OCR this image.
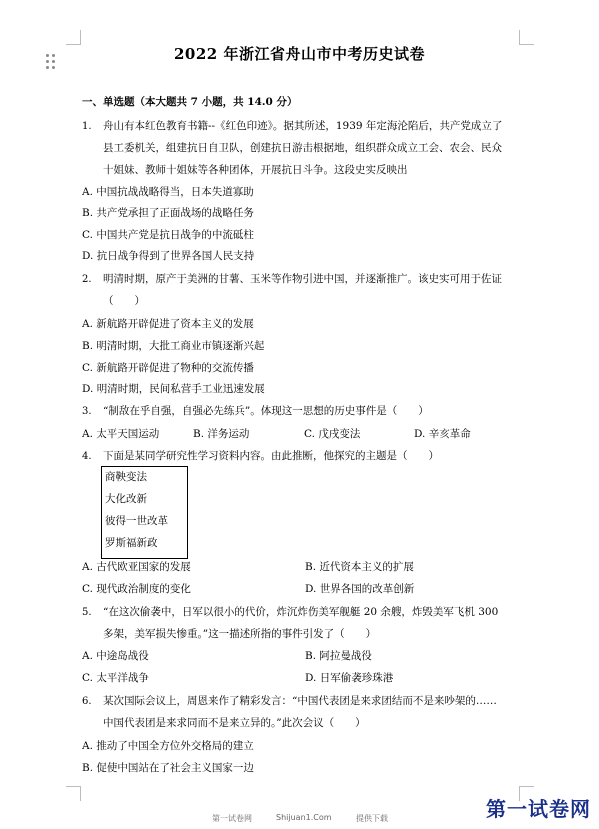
2022 年浙江省舟山市中考历史试卷
一、单选题（本大题共 7 小题，共 14.0 分）
1. 舟山有本红色教育书籍--《红色印迹》。据其所述，1939 年定海沦陷后，共产党成立了
县工委机关，组建抗日自卫队，创建抗日游击根据地，组织群众成立工会、农会、民众
十姐妹、教师十姐妹等各种团体，开展抗日斗争。这段史实反映出
A. 中国抗战战略得当，日本失道寡助
B. 共产党承担了正面战场的战略任务
C. 中国共产党是抗日战争的中流砥柱
D. 抗日战争得到了世界各国人民支持
2. 明清时期，原产于美洲的甘薯、玉米等作物引进中国，并逐渐推广。该史实可用于佐证
（　　）
A. 新航路开辟促进了资本主义的发展
B. 明清时期，大批工商业市镇逐渐兴起
C. 新航路开辟促进了物种的交流传播
D. 明清时期，民间私营手工业迅速发展
3. “制敌在乎自强，自强必先练兵”。体现这一思想的历史事件是（　　）
A. 太平天国运动	B. 洋务运动	C. 戊戌变法	D. 辛亥革命
4. 下面是某同学研究性学习资料内容。由此推断，他探究的主题是（　　）
商鞅变法
大化改新
彼得一世改革
罗斯福新政
A. 古代欧亚国家的发展	B. 近代资本主义的扩展
C. 现代政治制度的变化	D. 世界各国的改革创新
5. “在这次偷袭中，日军以很小的代价，炸沉炸伤美军舰艇 20 余艘，炸毁美军飞机 300
多架，美军损失惨重。”这一描述所指的事件引发了（　　）
A. 中途岛战役	B. 阿拉曼战役
C. 太平洋战争	D. 日军偷袭珍珠港
6. 某次国际会议上，周恩来作了精彩发言：“中国代表团是来求团结而不是来吵架的……
中国代表团是来求同而不是来立异的。”此次会议（　　）
A. 推动了中国全方位外交格局的建立
B. 促使中国站在了社会主义国家一边
第一试卷网	Shijuan1.Com	提供下载	第一试卷网
